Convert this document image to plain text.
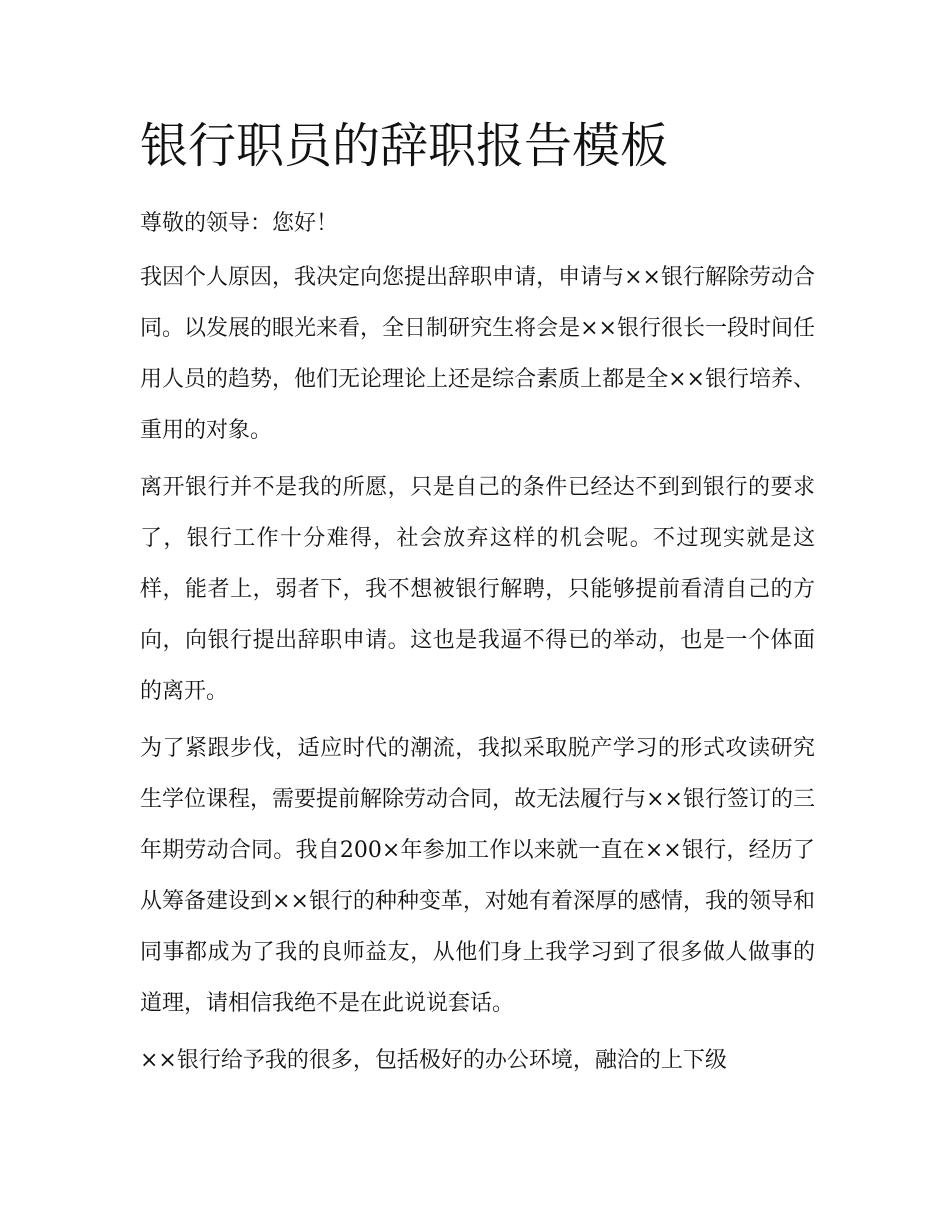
银行职员的辞职报告模板

尊敬的领导：您好！

我因个人原因，我决定向您提出辞职申请，申请与××银行解除劳动合同。以发展的眼光来看，全日制研究生将会是××银行很长一段时间任用人员的趋势，他们无论理论上还是综合素质上都是全××银行培养、重用的对象。

离开银行并不是我的所愿，只是自己的条件已经达不到到银行的要求了，银行工作十分难得，社会放弃这样的机会呢。不过现实就是这样，能者上，弱者下，我不想被银行解聘，只能够提前看清自己的方向，向银行提出辞职申请。这也是我逼不得已的举动，也是一个体面的离开。

为了紧跟步伐，适应时代的潮流，我拟采取脱产学习的形式攻读研究生学位课程，需要提前解除劳动合同，故无法履行与××银行签订的三年期劳动合同。我自200×年参加工作以来就一直在××银行，经历了从筹备建设到××银行的种种变革，对她有着深厚的感情，我的领导和同事都成为了我的良师益友，从他们身上我学习到了很多做人做事的道理，请相信我绝不是在此说说套话。

××银行给予我的很多，包括极好的办公环境，融洽的上下级
